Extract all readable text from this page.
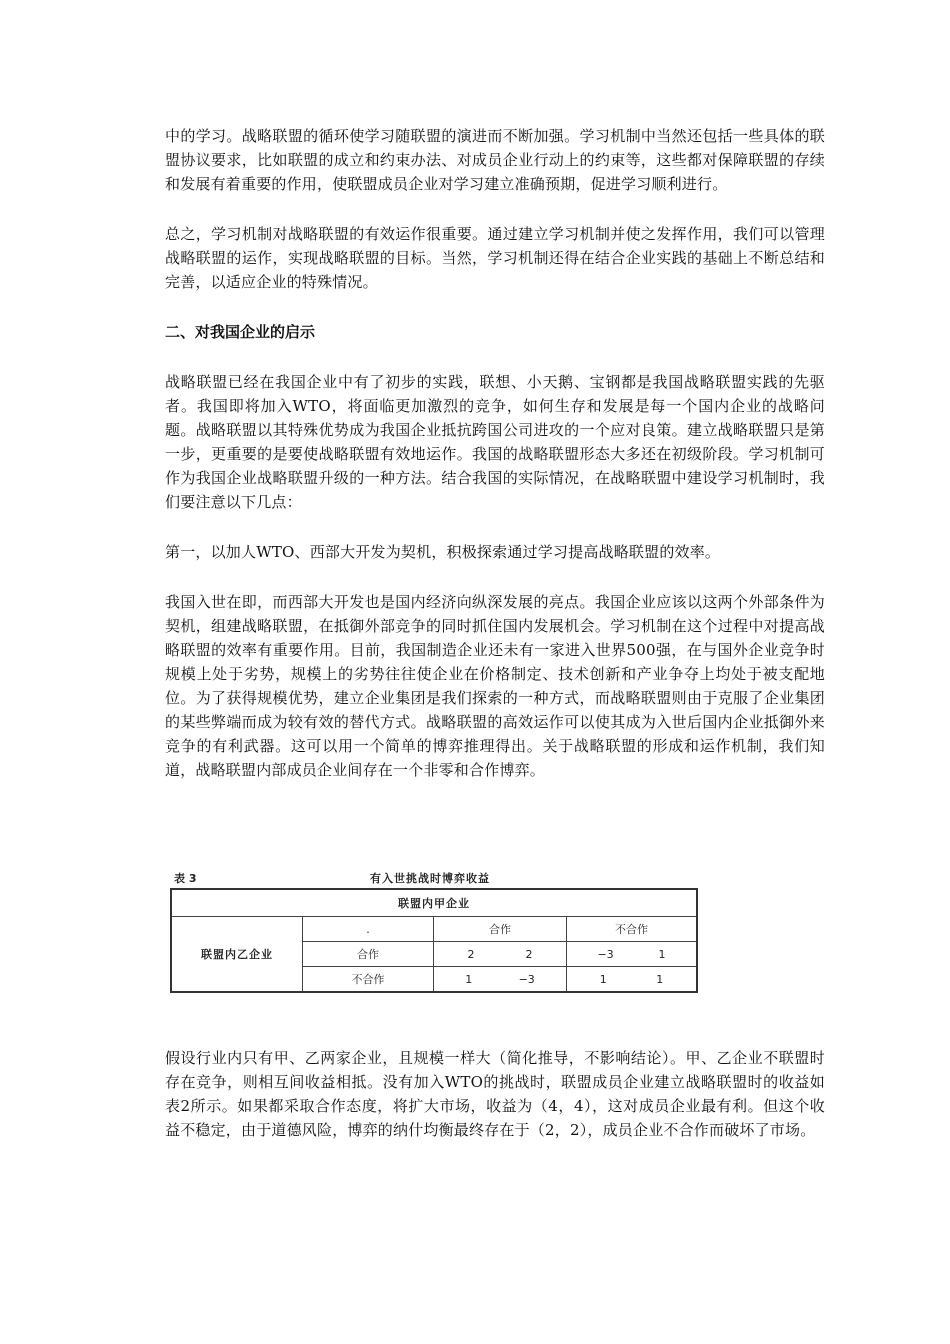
中的学习。战略联盟的循环使学习随联盟的演进而不断加强。学习机制中当然还包括一些具体的联盟协议要求，比如联盟的成立和约束办法、对成员企业行动上的约束等，这些都对保障联盟的存续和发展有着重要的作用，使联盟成员企业对学习建立准确预期，促进学习顺利进行。

总之，学习机制对战略联盟的有效运作很重要。通过建立学习机制并使之发挥作用，我们可以管理战略联盟的运作，实现战略联盟的目标。当然，学习机制还得在结合企业实践的基础上不断总结和完善，以适应企业的特殊情况。

二、对我国企业的启示

战略联盟已经在我国企业中有了初步的实践，联想、小天鹅、宝钢都是我国战略联盟实践的先驱者。我国即将加入WTO，将面临更加激烈的竞争，如何生存和发展是每一个国内企业的战略问题。战略联盟以其特殊优势成为我国企业抵抗跨国公司进攻的一个应对良策。建立战略联盟只是第一步，更重要的是要使战略联盟有效地运作。我国的战略联盟形态大多还在初级阶段。学习机制可作为我国企业战略联盟升级的一种方法。结合我国的实际情况，在战略联盟中建设学习机制时，我们要注意以下几点：

第一，以加人WTO、西部大开发为契机，积极探索通过学习提高战略联盟的效率。

我国入世在即，而西部大开发也是国内经济向纵深发展的亮点。我国企业应该以这两个外部条件为契机，组建战略联盟，在抵御外部竞争的同时抓住国内发展机会。学习机制在这个过程中对提高战略联盟的效率有重要作用。目前，我国制造企业还未有一家进入世界500强，在与国外企业竞争时规模上处于劣势，规模上的劣势往往使企业在价格制定、技术创新和产业争夺上均处于被支配地位。为了获得规模优势，建立企业集团是我们探索的一种方式，而战略联盟则由于克服了企业集团的某些弊端而成为较有效的替代方式。战略联盟的高效运作可以使其成为入世后国内企业抵御外来竞争的有利武器。这可以用一个简单的博弈推理得出。关于战略联盟的形成和运作机制，我们知道，战略联盟内部成员企业间存在一个非零和合作博弈。

表 3	有入世挑战时博弈收益
联盟内甲企业			
联盟内乙企业	.	合作	不合作
	合作	2 2	−3 1

	不合作	1 −3	1 1

假设行业内只有甲、乙两家企业，且规模一样大（简化推导，不影响结论）。甲、乙企业不联盟时存在竞争，则相互间收益相抵。没有加入WTO的挑战时，联盟成员企业建立战略联盟时的收益如表2所示。如果都采取合作态度，将扩大市场，收益为（4，4），这对成员企业最有利。但这个收益不稳定，由于道德风险，博弈的纳什均衡最终存在于（2，2），成员企业不合作而破坏了市场。
